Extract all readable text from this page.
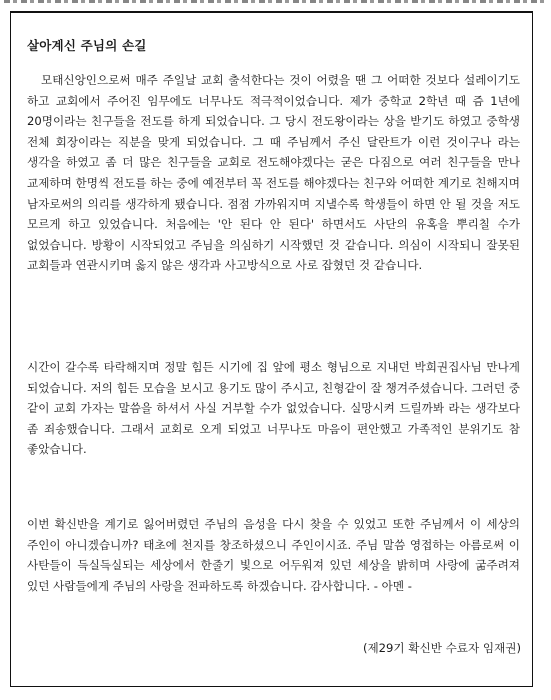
살아계신 주님의 손길

모태신앙인으로써 매주 주일날 교회 출석한다는 것이 어렸을 땐 그 어떠한 것보다 설레이기도 하고 교회에서 주어진 임무에도 너무나도 적극적이었습니다. 제가 중학교 2학년 때 즘 1년에 20명이라는 친구들을 전도를 하게 되었습니다. 그 당시 전도왕이라는 상을 받기도 하였고 중학생 전체 회장이라는 직분을 맞게 되었습니다. 그 때 주님께서 주신 달란트가 이런 것이구나 라는 생각을 하였고 좀 더 많은 친구들을 교회로 전도해야겠다는 굳은 다짐으로 여러 친구들을 만나 교제하며 한명씩 전도를 하는 중에 예전부터 꼭 전도를 해야겠다는 친구와 어떠한 계기로 친해지며 남자로써의 의리를 생각하게 됐습니다. 점점 가까워지며 지낼수록 학생들이 하면 안 될 것을 저도 모르게 하고 있었습니다. 처음에는 '안 된다 안 된다' 하면서도 사단의 유혹을 뿌리칠 수가 없었습니다. 방황이 시작되었고 주님을 의심하기 시작했던 것 같습니다. 의심이 시작되니 잘못된 교회들과 연관시키며 옳지 않은 생각과 사고방식으로 사로 잡혔던 것 같습니다.

시간이 갈수록 타락해지며 정말 힘든 시기에 집 앞에 평소 형님으로 지내던 박희권집사님 만나게 되었습니다. 저의 힘든 모습을 보시고 용기도 많이 주시고, 친형같이 잘 챙겨주셨습니다. 그러던 중 같이 교회 가자는 말씀을 하셔서 사실 거부할 수가 없었습니다. 실망시켜 드릴까봐 라는 생각보다 좀 죄송했습니다. 그래서 교회로 오게 되었고 너무나도 마음이 편안했고 가족적인 분위기도 참 좋았습니다.

이번 확신반을 계기로 잃어버렸던 주님의 음성을 다시 찾을 수 있었고 또한 주님께서 이 세상의 주인이 아니겠습니까? 태초에 천지를 창조하셨으니 주인이시죠. 주님 말씀 영접하는 아름로써 이 사탄들이 득실득실되는 세상에서 한줄기 빛으로 어두워져 있던 세상을 밝히며 사랑에 굶주려져 있던 사람들에게 주님의 사랑을 전파하도록 하겠습니다. 감사합니다. - 아멘 -

(제29기 확신반 수료자 임재권)
